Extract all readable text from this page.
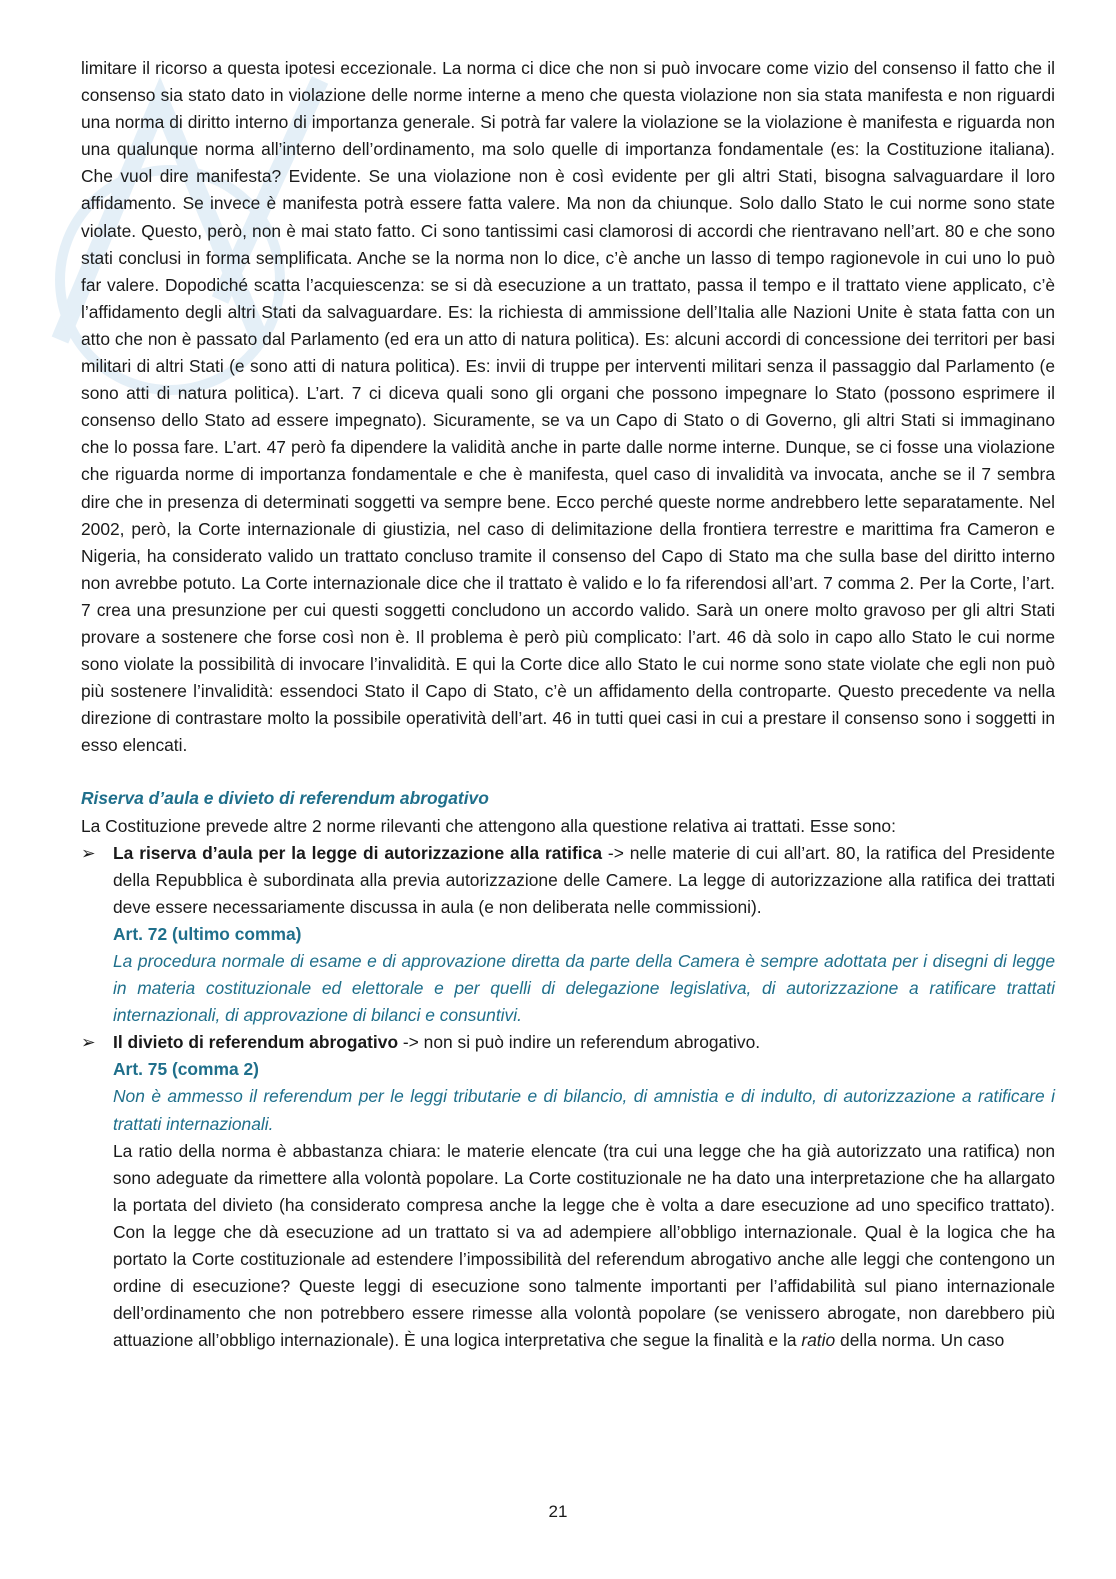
limitare il ricorso a questa ipotesi eccezionale. La norma ci dice che non si può invocare come vizio del consenso il fatto che il consenso sia stato dato in violazione delle norme interne a meno che questa violazione non sia stata manifesta e non riguardi una norma di diritto interno di importanza generale. Si potrà far valere la violazione se la violazione è manifesta e riguarda non una qualunque norma all’interno dell’ordinamento, ma solo quelle di importanza fondamentale (es: la Costituzione italiana). Che vuol dire manifesta? Evidente. Se una violazione non è così evidente per gli altri Stati, bisogna salvaguardare il loro affidamento. Se invece è manifesta potrà essere fatta valere. Ma non da chiunque. Solo dallo Stato le cui norme sono state violate. Questo, però, non è mai stato fatto. Ci sono tantissimi casi clamorosi di accordi che rientravano nell’art. 80 e che sono stati conclusi in forma semplificata. Anche se la norma non lo dice, c’è anche un lasso di tempo ragionevole in cui uno lo può far valere. Dopodiché scatta l’acquiescenza: se si dà esecuzione a un trattato, passa il tempo e il trattato viene applicato, c’è l’affidamento degli altri Stati da salvaguardare. Es: la richiesta di ammissione dell’Italia alle Nazioni Unite è stata fatta con un atto che non è passato dal Parlamento (ed era un atto di natura politica). Es: alcuni accordi di concessione dei territori per basi militari di altri Stati (e sono atti di natura politica). Es: invii di truppe per interventi militari senza il passaggio dal Parlamento (e sono atti di natura politica). L’art. 7 ci diceva quali sono gli organi che possono impegnare lo Stato (possono esprimere il consenso dello Stato ad essere impegnato). Sicuramente, se va un Capo di Stato o di Governo, gli altri Stati si immaginano che lo possa fare. L’art. 47 però fa dipendere la validità anche in parte dalle norme interne. Dunque, se ci fosse una violazione che riguarda norme di importanza fondamentale e che è manifesta, quel caso di invalidità va invocata, anche se il 7 sembra dire che in presenza di determinati soggetti va sempre bene. Ecco perché queste norme andrebbero lette separatamente. Nel 2002, però, la Corte internazionale di giustizia, nel caso di delimitazione della frontiera terrestre e marittima fra Cameron e Nigeria, ha considerato valido un trattato concluso tramite il consenso del Capo di Stato ma che sulla base del diritto interno non avrebbe potuto. La Corte internazionale dice che il trattato è valido e lo fa riferendosi all’art. 7 comma 2. Per la Corte, l’art. 7 crea una presunzione per cui questi soggetti concludono un accordo valido. Sarà un onere molto gravoso per gli altri Stati provare a sostenere che forse così non è. Il problema è però più complicato: l’art. 46 dà solo in capo allo Stato le cui norme sono violate la possibilità di invocare l’invalidità. E qui la Corte dice allo Stato le cui norme sono state violate che egli non può più sostenere l’invalidità: essendoci Stato il Capo di Stato, c’è un affidamento della controparte. Questo precedente va nella direzione di contrastare molto la possibile operatività dell’art. 46 in tutti quei casi in cui a prestare il consenso sono i soggetti in esso elencati.

Riserva d’aula e divieto di referendum abrogativo

La Costituzione prevede altre 2 norme rilevanti che attengono alla questione relativa ai trattati. Esse sono:

➢	La riserva d’aula per la legge di autorizzazione alla ratifica -> nelle materie di cui all’art. 80, la ratifica del Presidente della Repubblica è subordinata alla previa autorizzazione delle Camere. La legge di autorizzazione alla ratifica dei trattati deve essere necessariamente discussa in aula (e non deliberata nelle commissioni).

Art. 72 (ultimo comma)

La procedura normale di esame e di approvazione diretta da parte della Camera è sempre adottata per i disegni di legge in materia costituzionale ed elettorale e per quelli di delegazione legislativa, di autorizzazione a ratificare trattati internazionali, di approvazione di bilanci e consuntivi.

➢	Il divieto di referendum abrogativo -> non si può indire un referendum abrogativo.

Art. 75 (comma 2)

Non è ammesso il referendum per le leggi tributarie e di bilancio, di amnistia e di indulto, di autorizzazione a ratificare i trattati internazionali.

La ratio della norma è abbastanza chiara: le materie elencate (tra cui una legge che ha già autorizzato una ratifica) non sono adeguate da rimettere alla volontà popolare. La Corte costituzionale ne ha dato una interpretazione che ha allargato la portata del divieto (ha considerato compresa anche la legge che è volta a dare esecuzione ad uno specifico trattato). Con la legge che dà esecuzione ad un trattato si va ad adempiere all’obbligo internazionale. Qual è la logica che ha portato la Corte costituzionale ad estendere l’impossibilità del referendum abrogativo anche alle leggi che contengono un ordine di esecuzione? Queste leggi di esecuzione sono talmente importanti per l’affidabilità sul piano internazionale dell’ordinamento che non potrebbero essere rimesse alla volontà popolare (se venissero abrogate, non darebbero più attuazione all’obbligo internazionale). È una logica interpretativa che segue la finalità e la ratio della norma. Un caso

21
